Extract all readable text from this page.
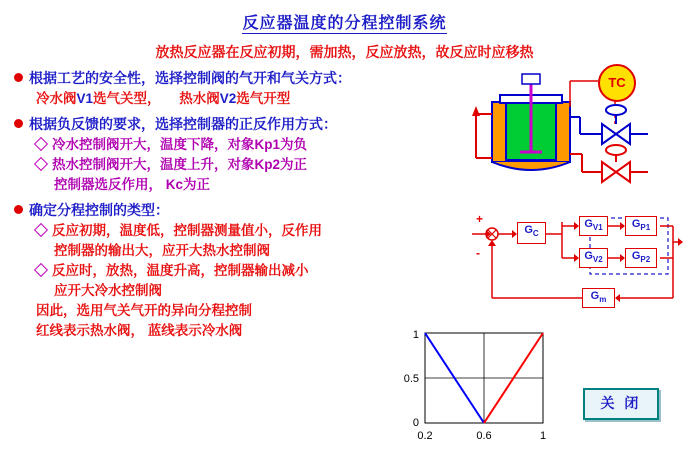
反应器温度的分程控制系统
放热反应器在反应初期，需加热，反应放热，故反应时应移热
根据工艺的安全性，选择控制阀的气开和气关方式：
冷水阀V1选气关型， 热水阀V2选气开型
根据负反馈的要求，选择控制器的正反作用方式：
冷水控制阀开大，温度下降，对象Kp1为负
热水控制阀开大，温度上升，对象Kp2为正
控制器选反作用， Kc为正
确定分程控制的类型：
反应初期，温度低，控制器测量值小，反作用
控制器的输出大，应开大热水控制阀
反应时，放热，温度升高，控制器输出减小
应开大冷水控制阀
因此，选用气关气开的异向分程控制
红线表示热水阀， 蓝线表示冷水阀
TC
$G_C$
$G_{V1}$
$G_{V2}$
$G_{P1}$
$G_{P2}$
$G_m$
+
-
1
0.5
0
0.2	0.6	1
关 闭
